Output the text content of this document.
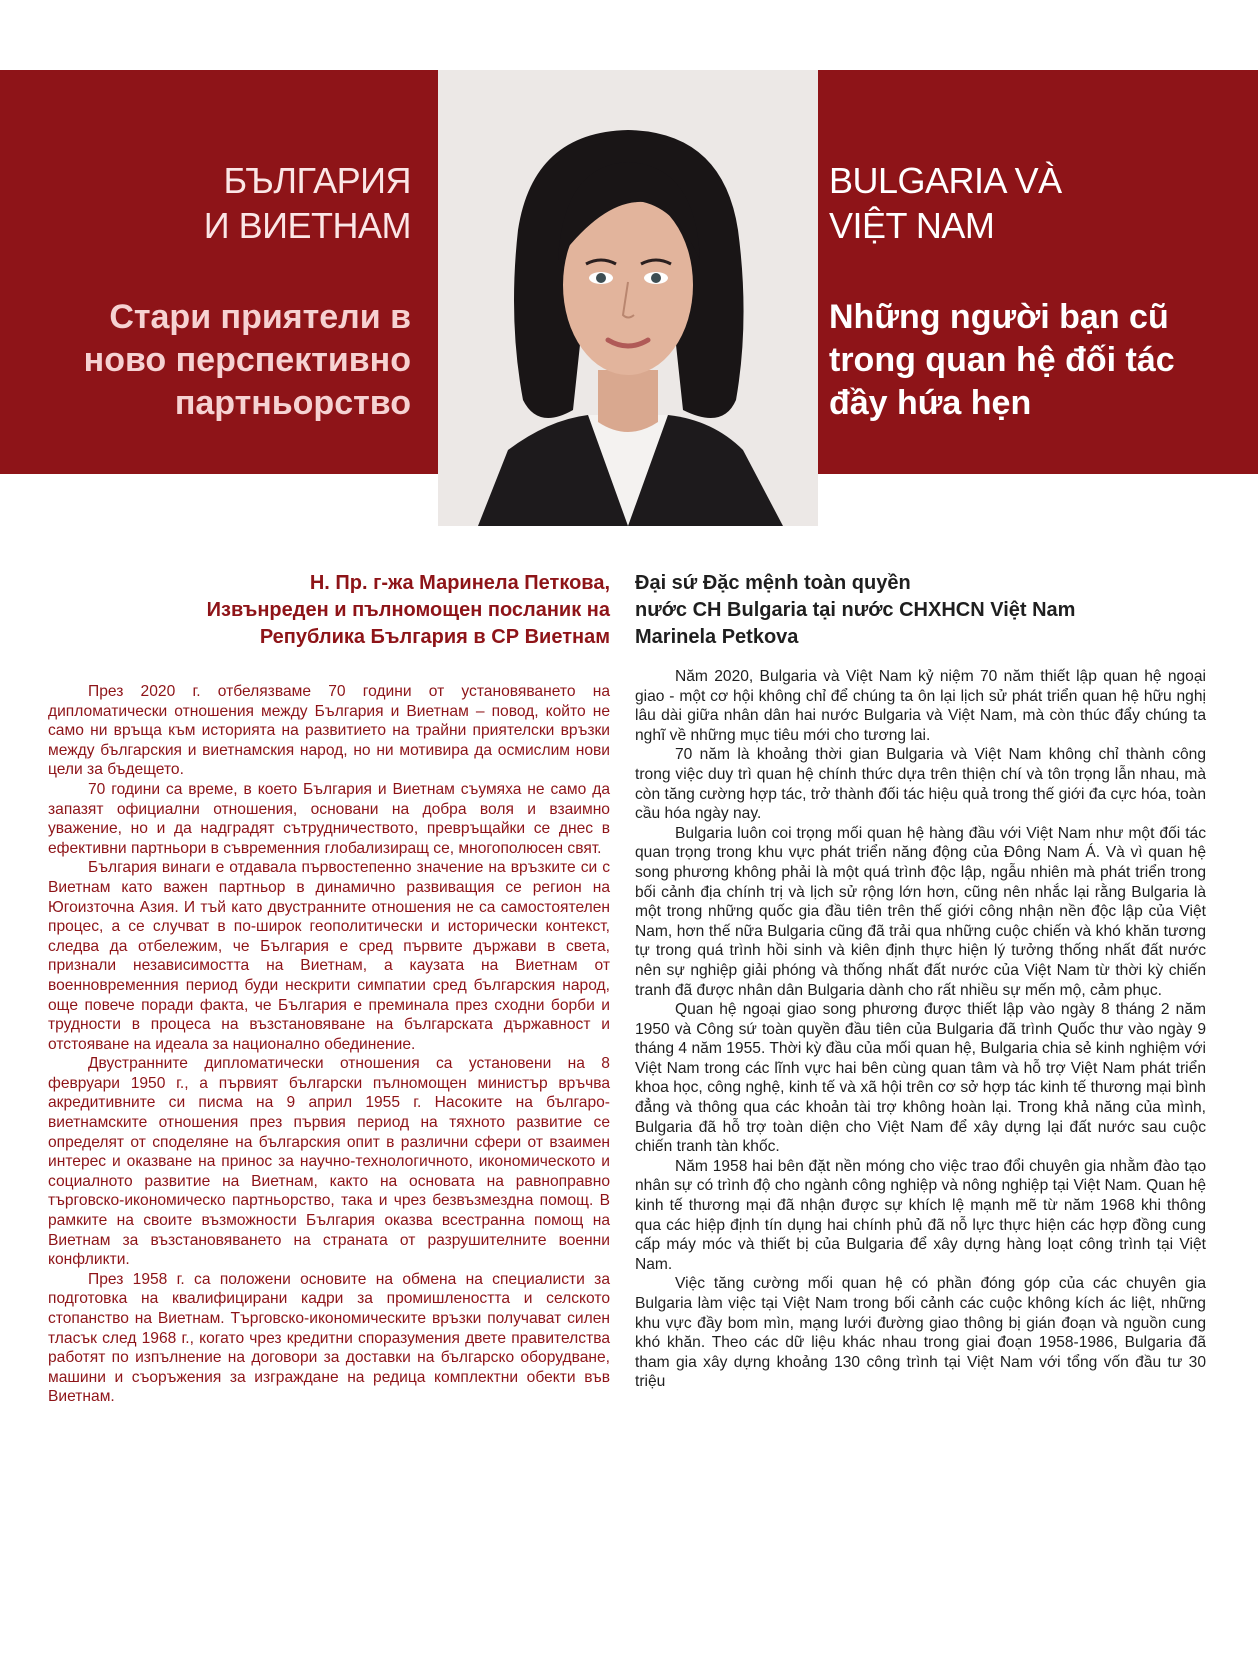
БЪЛГАРИЯ
И ВИЕТНАМ
Стари приятели в ново перспективно партньорство
BULGARIA VÀ
VIỆT NAM
Những người bạn cũ trong quan hệ đối tác đầy hứa hẹn
Н. Пр. г-жа Маринела Петкова,
Извънреден и пълномощен посланик на
Република България в СР Виетнам
Đại sứ Đặc mệnh toàn quyền
nước CH Bulgaria tại nước CHXHCN Việt Nam
Marinela Petkova

През 2020 г. отбелязваме 70 години от установяването на дипломатически отношения между България и Виетнам – повод, който не само ни връща към историята на развитието на трайни приятелски връзки между българския и виетнамския народ, но ни мотивира да осмислим нови цели за бъдещето.

70 години са време, в което България и Виетнам съумяха не само да запазят официални отношения, основани на добра воля и взаимно уважение, но и да надградят сътрудничеството, превръщайки се днес в ефективни партньори в съвременния глобализиращ се, многополюсен свят.

България винаги е отдавала първостепенно значение на връзките си с Виетнам като важен партньор в динамично развиващия се регион на Югоизточна Азия. И тъй като двустранните отношения не са самостоятелен процес, а се случват в по-широк геополитически и исторически контекст, следва да отбележим, че България е сред първите държави в света, признали независимостта на Виетнам, а каузата на Виетнам от военновременния период буди нескрити симпатии сред българския народ, още повече поради факта, че България е преминала през сходни борби и трудности в процеса на възстановяване на българската държавност и отстояване на идеала за национално обединение.

Двустранните дипломатически отношения са установени на 8 февруари 1950 г., а първият български пълномощен министър връчва акредитивните си писма на 9 април 1955 г. Насоките на българо-виетнамските отношения през първия период на тяхното развитие се определят от споделяне на българския опит в различни сфери от взаимен интерес и оказване на принос за научно-технологичното, икономическото и социалното развитие на Виетнам, както на основата на равноправно търговско-икономическо партньорство, така и чрез безвъзмездна помощ. В рамките на своите възможности България оказва всестранна помощ на Виетнам за възстановяването на страната от разрушителните военни конфликти.

През 1958 г. са положени основите на обмена на специалисти за подготовка на квалифицирани кадри за промишлеността и селското стопанство на Виетнам. Търговско-икономическите връзки получават силен тласък след 1968 г., когато чрез кредитни споразумения двете правителства работят по изпълнение на договори за доставки на българско оборудване, машини и съоръжения за изграждане на редица комплектни обекти във Виетнам.

Năm 2020, Bulgaria và Việt Nam kỷ niệm 70 năm thiết lập quan hệ ngoại giao - một cơ hội không chỉ để chúng ta ôn lại lịch sử phát triển quan hệ hữu nghị lâu dài giữa nhân dân hai nước Bulgaria và Việt Nam, mà còn thúc đẩy chúng ta nghĩ về những mục tiêu mới cho tương lai.

70 năm là khoảng thời gian Bulgaria và Việt Nam không chỉ thành công trong việc duy trì quan hệ chính thức dựa trên thiện chí và tôn trọng lẫn nhau, mà còn tăng cường hợp tác, trở thành đối tác hiệu quả trong thế giới đa cực hóa, toàn cầu hóa ngày nay.

Bulgaria luôn coi trọng mối quan hệ hàng đầu với Việt Nam như một đối tác quan trọng trong khu vực phát triển năng động của Đông Nam Á. Và vì quan hệ song phương không phải là một quá trình độc lập, ngẫu nhiên mà phát triển trong bối cảnh địa chính trị và lịch sử rộng lớn hơn, cũng nên nhắc lại rằng Bulgaria là một trong những quốc gia đầu tiên trên thế giới công nhận nền độc lập của Việt Nam, hơn thế nữa Bulgaria cũng đã trải qua những cuộc chiến và khó khăn tương tự trong quá trình hồi sinh và kiên định thực hiện lý tưởng thống nhất đất nước nên sự nghiệp giải phóng và thống nhất đất nước của Việt Nam từ thời kỳ chiến tranh đã được nhân dân Bulgaria dành cho rất nhiều sự mến mộ, cảm phục.

Quan hệ ngoại giao song phương được thiết lập vào ngày 8 tháng 2 năm 1950 và Công sứ toàn quyền đầu tiên của Bulgaria đã trình Quốc thư vào ngày 9 tháng 4 năm 1955. Thời kỳ đầu của mối quan hệ, Bulgaria chia sẻ kinh nghiệm với Việt Nam trong các lĩnh vực hai bên cùng quan tâm và hỗ trợ Việt Nam phát triển khoa học, công nghệ, kinh tế và xã hội trên cơ sở hợp tác kinh tế thương mại bình đẳng và thông qua các khoản tài trợ không hoàn lại. Trong khả năng của mình, Bulgaria đã hỗ trợ toàn diện cho Việt Nam để xây dựng lại đất nước sau cuộc chiến tranh tàn khốc.

Năm 1958 hai bên đặt nền móng cho việc trao đổi chuyên gia nhằm đào tạo nhân sự có trình độ cho ngành công nghiệp và nông nghiệp tại Việt Nam. Quan hệ kinh tế thương mại đã nhận được sự khích lệ mạnh mẽ từ năm 1968 khi thông qua các hiệp định tín dụng hai chính phủ đã nỗ lực thực hiện các hợp đồng cung cấp máy móc và thiết bị của Bulgaria để xây dựng hàng loạt công trình tại Việt Nam.

Việc tăng cường mối quan hệ có phần đóng góp của các chuyên gia Bulgaria làm việc tại Việt Nam trong bối cảnh các cuộc không kích ác liệt, những khu vực đầy bom mìn, mạng lưới đường giao thông bị gián đoạn và nguồn cung khó khăn. Theo các dữ liệu khác nhau trong giai đoạn 1958-1986, Bulgaria đã tham gia xây dựng khoảng 130 công trình tại Việt Nam với tổng vốn đầu tư 30 triệu
